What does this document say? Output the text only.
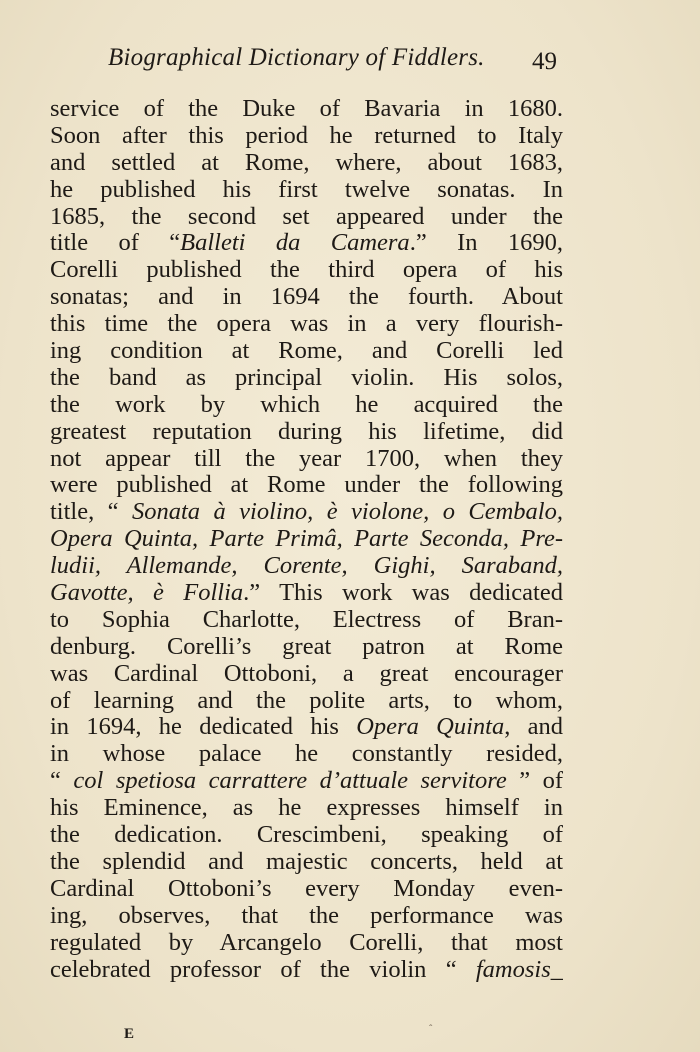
Biographical Dictionary of Fiddlers. 49
service of the Duke of Bavaria in 1680.
Soon after this period he returned to Italy
and settled at Rome, where, about 1683,
he published his first twelve sonatas. In
1685, the second set appeared under the
title of “Balleti da Camera.” In 1690,
Corelli published the third opera of his
sonatas; and in 1694 the fourth. About
this time the opera was in a very flourish-
ing condition at Rome, and Corelli led
the band as principal violin. His solos,
the work by which he acquired the
greatest reputation during his lifetime, did
not appear till the year 1700, when they
were published at Rome under the following
title, “ Sonata à violino, è violone, o Cembalo,
Opera Quinta, Parte Primâ, Parte Seconda, Pre-
ludii, Allemande, Corente, Gighi, Saraband,
Gavotte, è Follia.” This work was dedicated
to Sophia Charlotte, Electress of Bran-
denburg. Corelli’s great patron at Rome
was Cardinal Ottoboni, a great encourager
of learning and the polite arts, to whom,
in 1694, he dedicated his Opera Quinta, and
in whose palace he constantly resided,
“ col spetiosa carrattere d’attuale servitore ” of
his Eminence, as he expresses himself in
the dedication. Crescimbeni, speaking of
the splendid and majestic concerts, held at
Cardinal Ottoboni’s every Monday even-
ing, observes, that the performance was
regulated by Arcangelo Corelli, that most
celebrated professor of the violin “ famosis_
E	ˆ
